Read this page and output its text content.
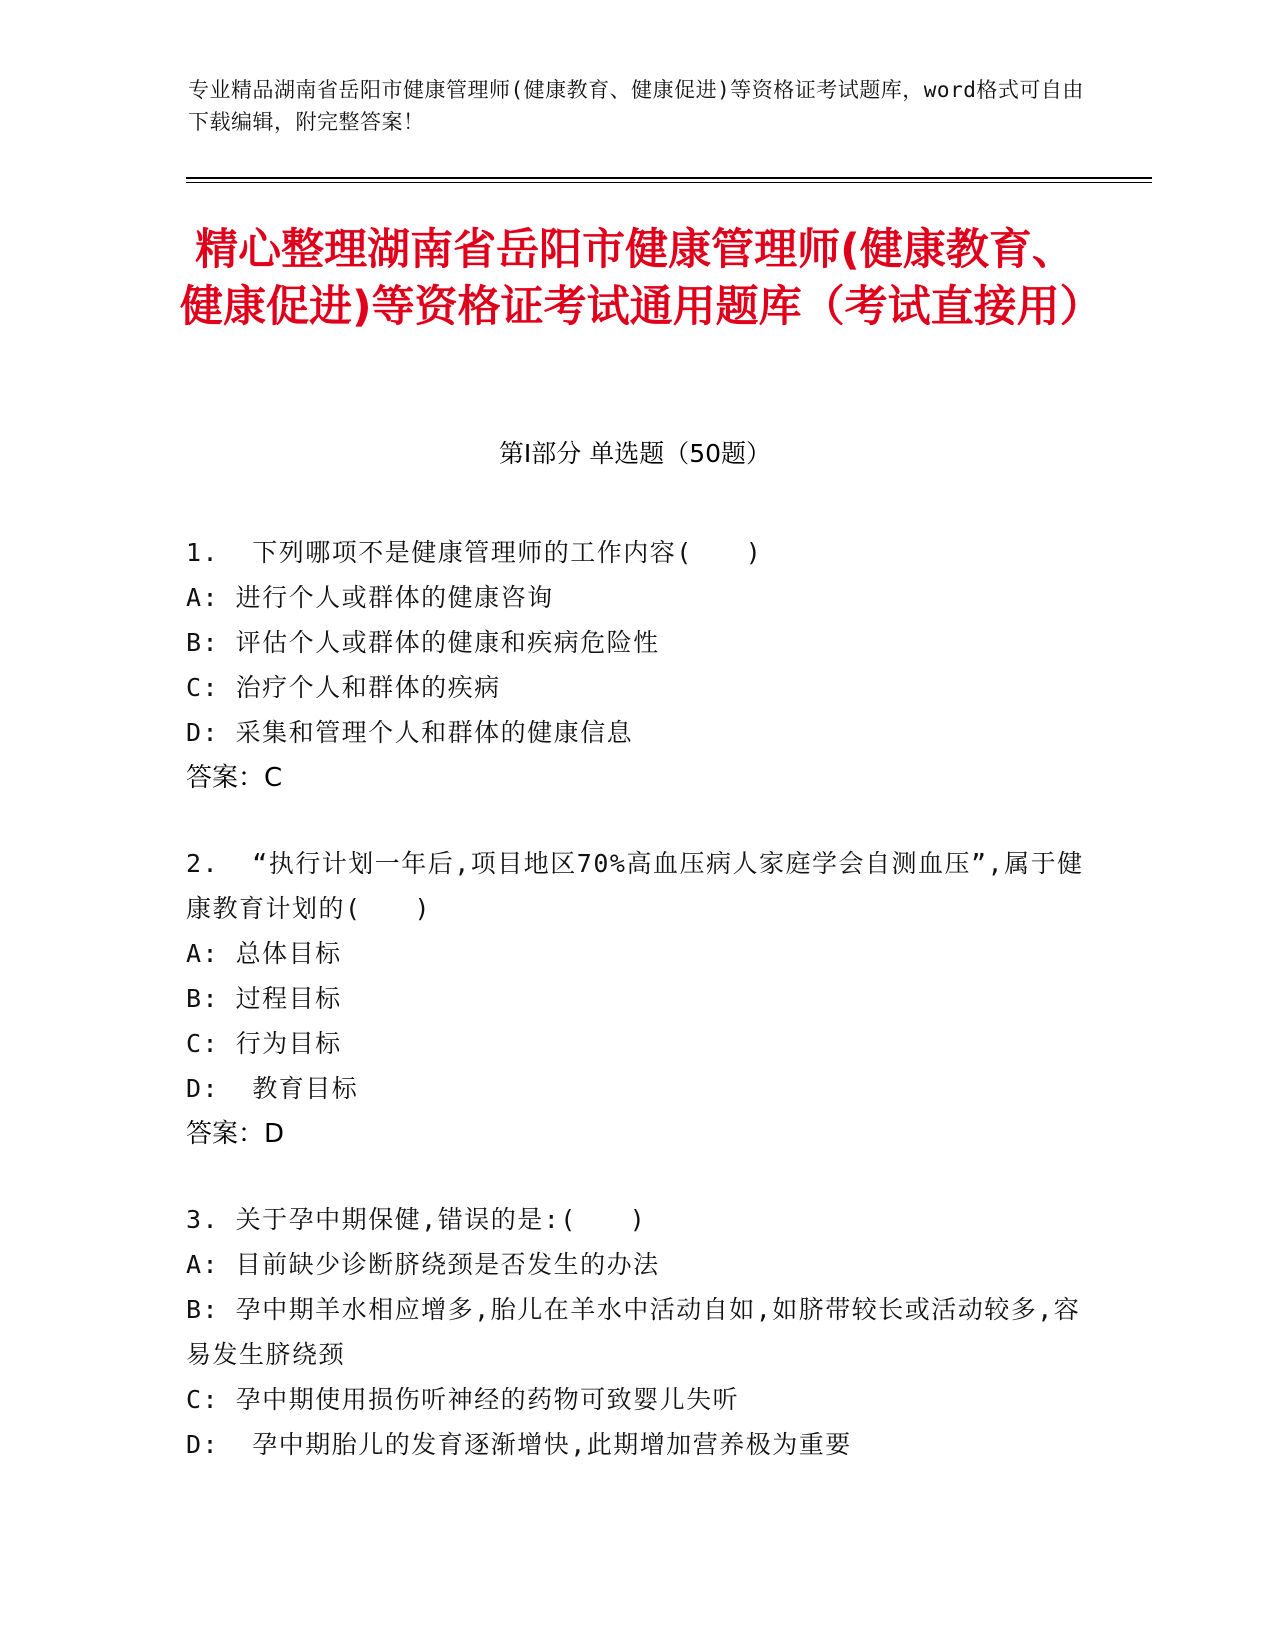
专业精品湖南省岳阳市健康管理师(健康教育、健康促进)等资格证考试题库，word格式可自由下载编辑，附完整答案！
精心整理湖南省岳阳市健康管理师(健康教育、健康促进)等资格证考试通用题库（考试直接用）
第Ⅰ部分 单选题（50题）
1.  下列哪项不是健康管理师的工作内容(　　)
A: 进行个人或群体的健康咨询
B: 评估个人或群体的健康和疾病危险性
C: 治疗个人和群体的疾病
D: 采集和管理个人和群体的健康信息
答案：C
2.  “执行计划一年后,项目地区70%高血压病人家庭学会自测血压”,属于健康教育计划的(　　)
A: 总体目标
B: 过程目标
C: 行为目标
D:  教育目标
答案：D
3. 关于孕中期保健,错误的是:(　　)
A: 目前缺少诊断脐绕颈是否发生的办法
B: 孕中期羊水相应增多,胎儿在羊水中活动自如,如脐带较长或活动较多,容易发生脐绕颈
C: 孕中期使用损伤听神经的药物可致婴儿失听
D:  孕中期胎儿的发育逐渐增快,此期增加营养极为重要
